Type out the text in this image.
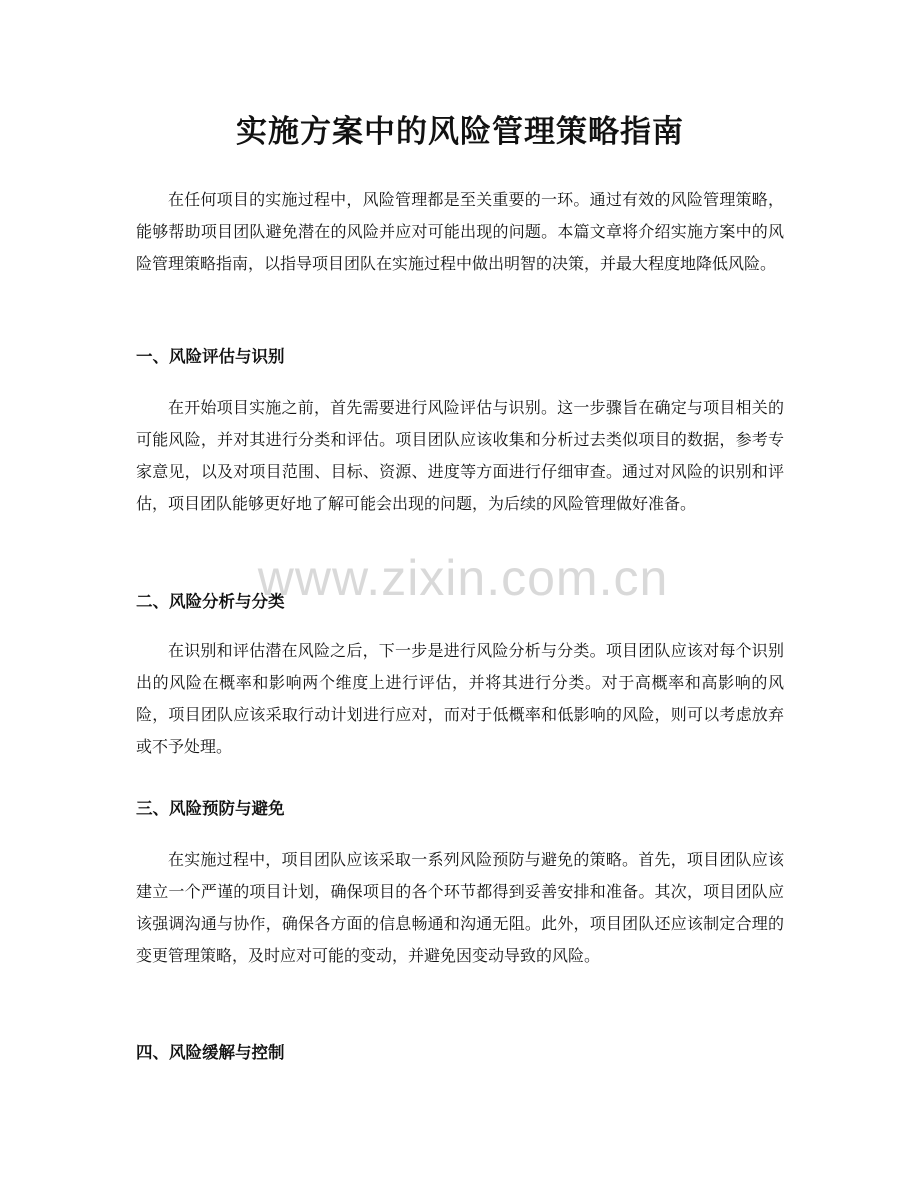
实施方案中的风险管理策略指南

在任何项目的实施过程中，风险管理都是至关重要的一环。通过有效的风险管理策略，能够帮助项目团队避免潜在的风险并应对可能出现的问题。本篇文章将介绍实施方案中的风险管理策略指南，以指导项目团队在实施过程中做出明智的决策，并最大程度地降低风险。

一、风险评估与识别

在开始项目实施之前，首先需要进行风险评估与识别。这一步骤旨在确定与项目相关的可能风险，并对其进行分类和评估。项目团队应该收集和分析过去类似项目的数据，参考专家意见，以及对项目范围、目标、资源、进度等方面进行仔细审查。通过对风险的识别和评估，项目团队能够更好地了解可能会出现的问题，为后续的风险管理做好准备。

二、风险分析与分类

在识别和评估潜在风险之后，下一步是进行风险分析与分类。项目团队应该对每个识别出的风险在概率和影响两个维度上进行评估，并将其进行分类。对于高概率和高影响的风险，项目团队应该采取行动计划进行应对，而对于低概率和低影响的风险，则可以考虑放弃或不予处理。

三、风险预防与避免

在实施过程中，项目团队应该采取一系列风险预防与避免的策略。首先，项目团队应该建立一个严谨的项目计划，确保项目的各个环节都得到妥善安排和准备。其次，项目团队应该强调沟通与协作，确保各方面的信息畅通和沟通无阻。此外，项目团队还应该制定合理的变更管理策略，及时应对可能的变动，并避免因变动导致的风险。

四、风险缓解与控制
www.zixin.com.cn
